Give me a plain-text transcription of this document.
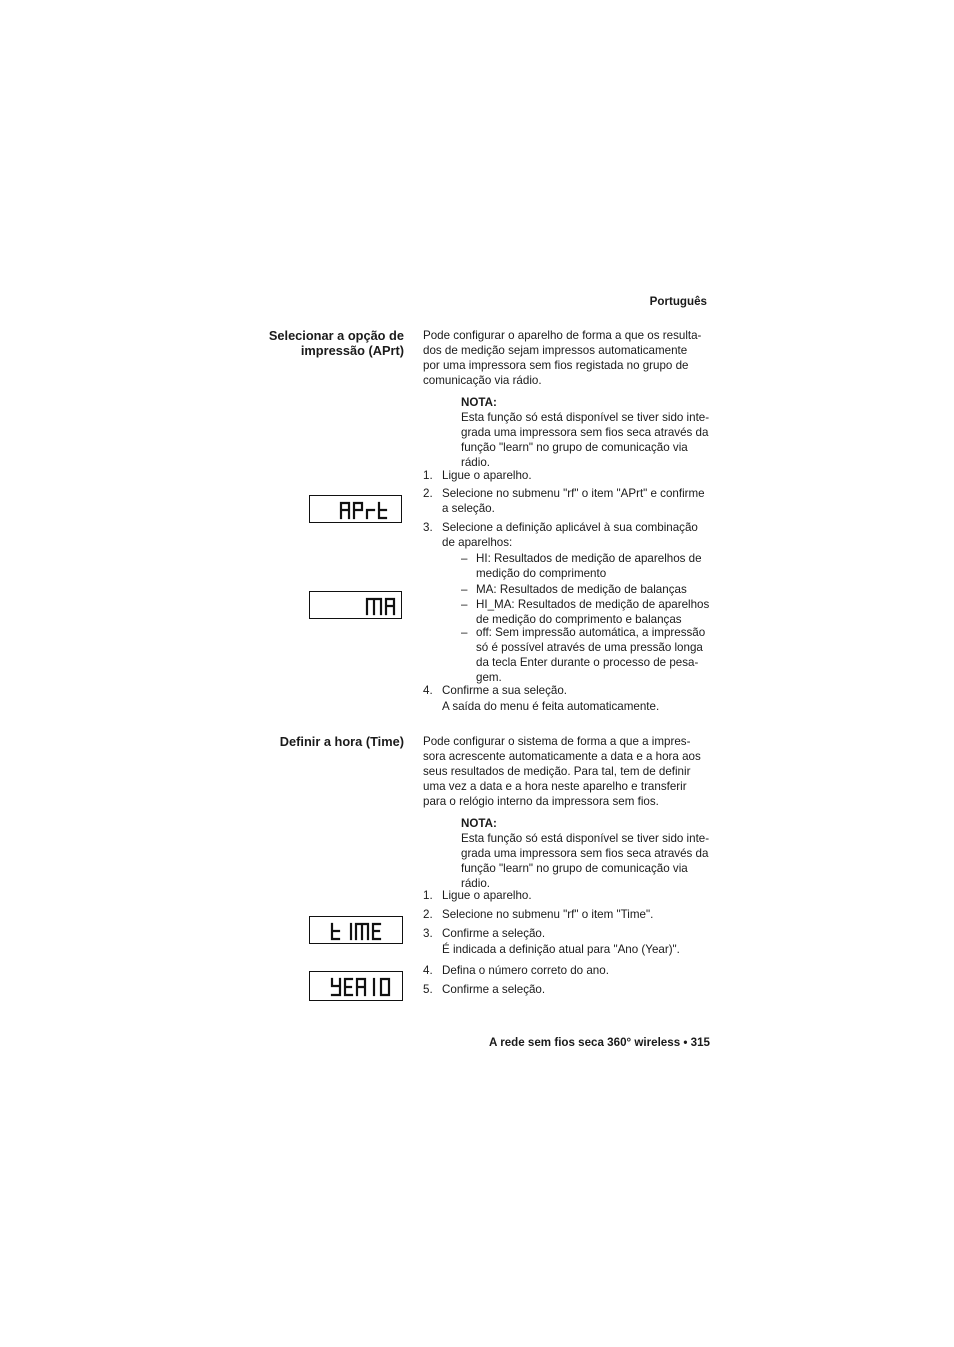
Português
Selecionar a opção de
impressão (APrt)
Pode configurar o aparelho de forma a que os resulta-
dos de medição sejam impressos automaticamente
por uma impressora sem fios registada no grupo de
comunicação via rádio.
NOTA:
Esta função só está disponível se tiver sido inte-
grada uma impressora sem fios seca através da
função "learn" no grupo de comunicação via
rádio.
1. Ligue o aparelho.
2. Selecione no submenu "rf" o item "APrt" e confirme
a seleção.
3. Selecione a definição aplicável à sua combinação
de aparelhos:
– HI: Resultados de medição de aparelhos de
medição do comprimento
– MA: Resultados de medição de balanças
– HI_MA: Resultados de medição de aparelhos
de medição do comprimento e balanças
– off: Sem impressão automática, a impressão
só é possível através de uma pressão longa
da tecla Enter durante o processo de pesa-
gem.
4. Confirme a sua seleção.
A saída do menu é feita automaticamente.
Definir a hora (Time) Pode configurar o sistema de forma a que a impres-
sora acrescente automaticamente a data e a hora aos
seus resultados de medição. Para tal, tem de definir
uma vez a data e a hora neste aparelho e transferir
para o relógio interno da impressora sem fios.
NOTA:
Esta função só está disponível se tiver sido inte-
grada uma impressora sem fios seca através da
função "learn" no grupo de comunicação via
rádio.
1. Ligue o aparelho.
2. Selecione no submenu "rf" o item "Time".
3. Confirme a seleção.
É indicada a definição atual para "Ano (Year)".
4. Defina o número correto do ano.
5. Confirme a seleção.
A rede sem fios seca 360° wireless • 315
